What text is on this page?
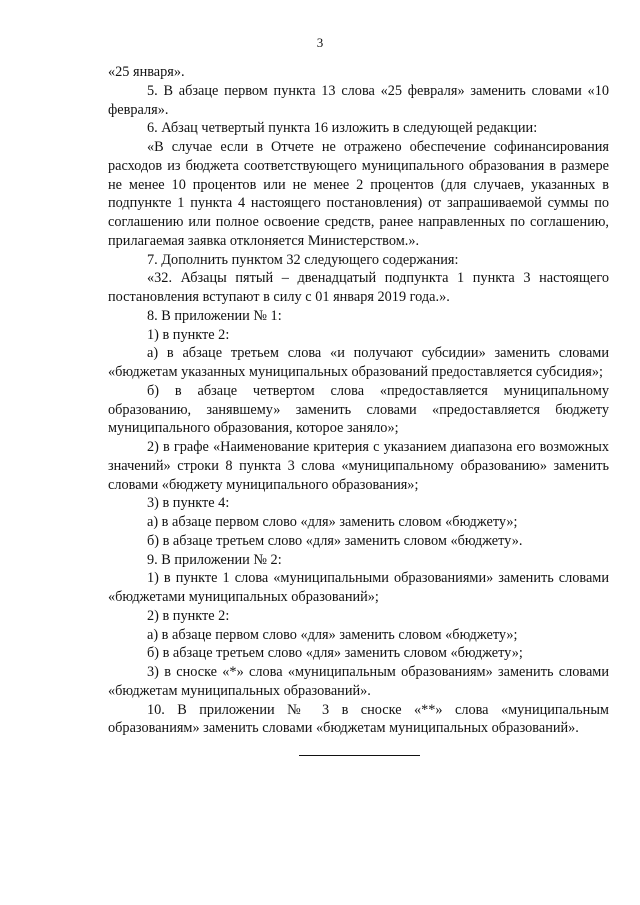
3

«25 января».

5. В абзаце первом пункта 13 слова «25 февраля» заменить словами «10 февраля».

6. Абзац четвертый пункта 16 изложить в следующей редакции:

«В случае если в Отчете не отражено обеспечение софинансирования расходов из бюджета соответствующего муниципального образования в размере не менее 10 процентов или не менее 2 процентов (для случаев, указанных в подпункте 1 пункта 4 настоящего постановления) от запрашиваемой суммы по соглашению или полное освоение средств, ранее направленных по соглашению, прилагаемая заявка отклоняется Министерством.».

7. Дополнить пунктом 32 следующего содержания:

«32. Абзацы пятый – двенадцатый подпункта 1 пункта 3 настоящего постановления вступают в силу с 01 января 2019 года.».

8. В приложении № 1:

1) в пункте 2:

а) в абзаце третьем слова «и получают субсидии» заменить словами «бюджетам указанных муниципальных образований предоставляется субсидия»;

б) в абзаце четвертом слова «предоставляется муниципальному образованию, занявшему» заменить словами «предоставляется бюджету муниципального образования, которое заняло»;

2) в графе «Наименование критерия с указанием диапазона его возможных значений» строки 8 пункта 3 слова «муниципальному образованию» заменить словами «бюджету муниципального образования»;

3) в пункте 4:

а) в абзаце первом слово «для» заменить словом «бюджету»;

б) в абзаце третьем слово «для» заменить словом «бюджету».

9. В приложении № 2:

1) в пункте 1 слова «муниципальными образованиями» заменить словами «бюджетами муниципальных образований»;

2) в пункте 2:

а) в абзаце первом слово «для» заменить словом «бюджету»;

б) в абзаце третьем слово «для» заменить словом «бюджету»;

3) в сноске «*» слова «муниципальным образованиям» заменить словами «бюджетам муниципальных образований».

10. В приложении № 3 в сноске «**» слова «муниципальным образованиям» заменить словами «бюджетам муниципальных образований».
